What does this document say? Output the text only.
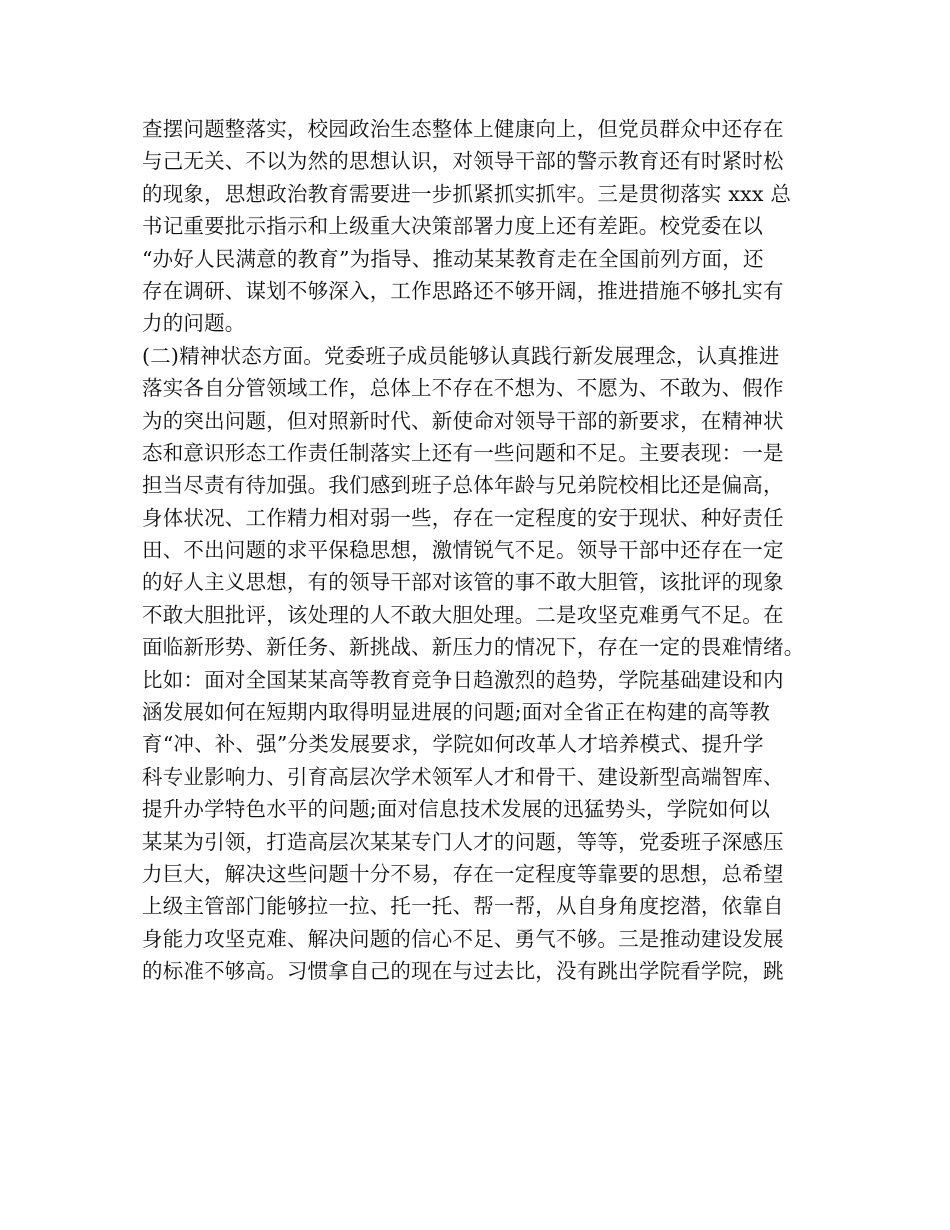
查摆问题整落实，校园政治生态整体上健康向上，但党员群众中还存在
与己无关、不以为然的思想认识，对领导干部的警示教育还有时紧时松
的现象，思想政治教育需要进一步抓紧抓实抓牢。三是贯彻落实 xxx 总
书记重要批示指示和上级重大决策部署力度上还有差距。校党委在以
“办好人民满意的教育”为指导、推动某某教育走在全国前列方面，还
存在调研、谋划不够深入，工作思路还不够开阔，推进措施不够扎实有
力的问题。
(二)精神状态方面。党委班子成员能够认真践行新发展理念，认真推进
落实各自分管领域工作，总体上不存在不想为、不愿为、不敢为、假作
为的突出问题，但对照新时代、新使命对领导干部的新要求，在精神状
态和意识形态工作责任制落实上还有一些问题和不足。主要表现：一是
担当尽责有待加强。我们感到班子总体年龄与兄弟院校相比还是偏高，
身体状况、工作精力相对弱一些，存在一定程度的安于现状、种好责任
田、不出问题的求平保稳思想，激情锐气不足。领导干部中还存在一定
的好人主义思想，有的领导干部对该管的事不敢大胆管，该批评的现象
不敢大胆批评，该处理的人不敢大胆处理。二是攻坚克难勇气不足。在
面临新形势、新任务、新挑战、新压力的情况下，存在一定的畏难情绪。
比如：面对全国某某高等教育竞争日趋激烈的趋势，学院基础建设和内
涵发展如何在短期内取得明显进展的问题;面对全省正在构建的高等教
育“冲、补、强”分类发展要求，学院如何改革人才培养模式、提升学
科专业影响力、引育高层次学术领军人才和骨干、建设新型高端智库、
提升办学特色水平的问题;面对信息技术发展的迅猛势头，学院如何以
某某为引领，打造高层次某某专门人才的问题，等等，党委班子深感压
力巨大，解决这些问题十分不易，存在一定程度等靠要的思想，总希望
上级主管部门能够拉一拉、托一托、帮一帮，从自身角度挖潜，依靠自
身能力攻坚克难、解决问题的信心不足、勇气不够。三是推动建设发展
的标准不够高。习惯拿自己的现在与过去比，没有跳出学院看学院，跳
